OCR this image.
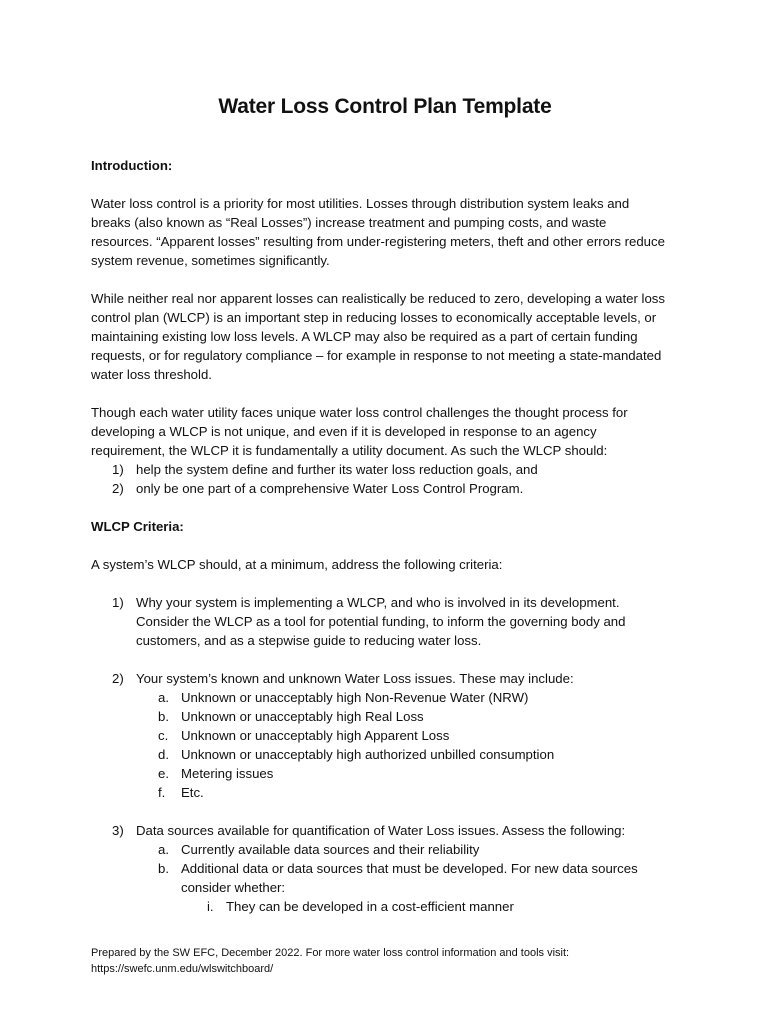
Water Loss Control Plan Template

Introduction:

Water loss control is a priority for most utilities. Losses through distribution system leaks and breaks (also known as “Real Losses”) increase treatment and pumping costs, and waste resources. “Apparent losses” resulting from under-registering meters, theft and other errors reduce system revenue, sometimes significantly.

While neither real nor apparent losses can realistically be reduced to zero, developing a water loss control plan (WLCP) is an important step in reducing losses to economically acceptable levels, or maintaining existing low loss levels. A WLCP may also be required as a part of certain funding requests, or for regulatory compliance – for example in response to not meeting a state-mandated water loss threshold.

Though each water utility faces unique water loss control challenges the thought process for developing a WLCP is not unique, and even if it is developed in response to an agency requirement, the WLCP it is fundamentally a utility document. As such the WLCP should:

1) help the system define and further its water loss reduction goals, and
2) only be one part of a comprehensive Water Loss Control Program.

WLCP Criteria:

A system’s WLCP should, at a minimum, address the following criteria:

1) Why your system is implementing a WLCP, and who is involved in its development. Consider the WLCP as a tool for potential funding, to inform the governing body and customers, and as a stepwise guide to reducing water loss.
2) Your system’s known and unknown Water Loss issues. These may include:
a. Unknown or unacceptably high Non-Revenue Water (NRW)
b. Unknown or unacceptably high Real Loss
c. Unknown or unacceptably high Apparent Loss
d. Unknown or unacceptably high authorized unbilled consumption
e. Metering issues
f. Etc.
3) Data sources available for quantification of Water Loss issues. Assess the following:
a. Currently available data sources and their reliability
b. Additional data or data sources that must be developed. For new data sources consider whether:
i. They can be developed in a cost-efficient manner
Prepared by the SW EFC, December 2022. For more water loss control information and tools visit:
https://swefc.unm.edu/wlswitchboard/
